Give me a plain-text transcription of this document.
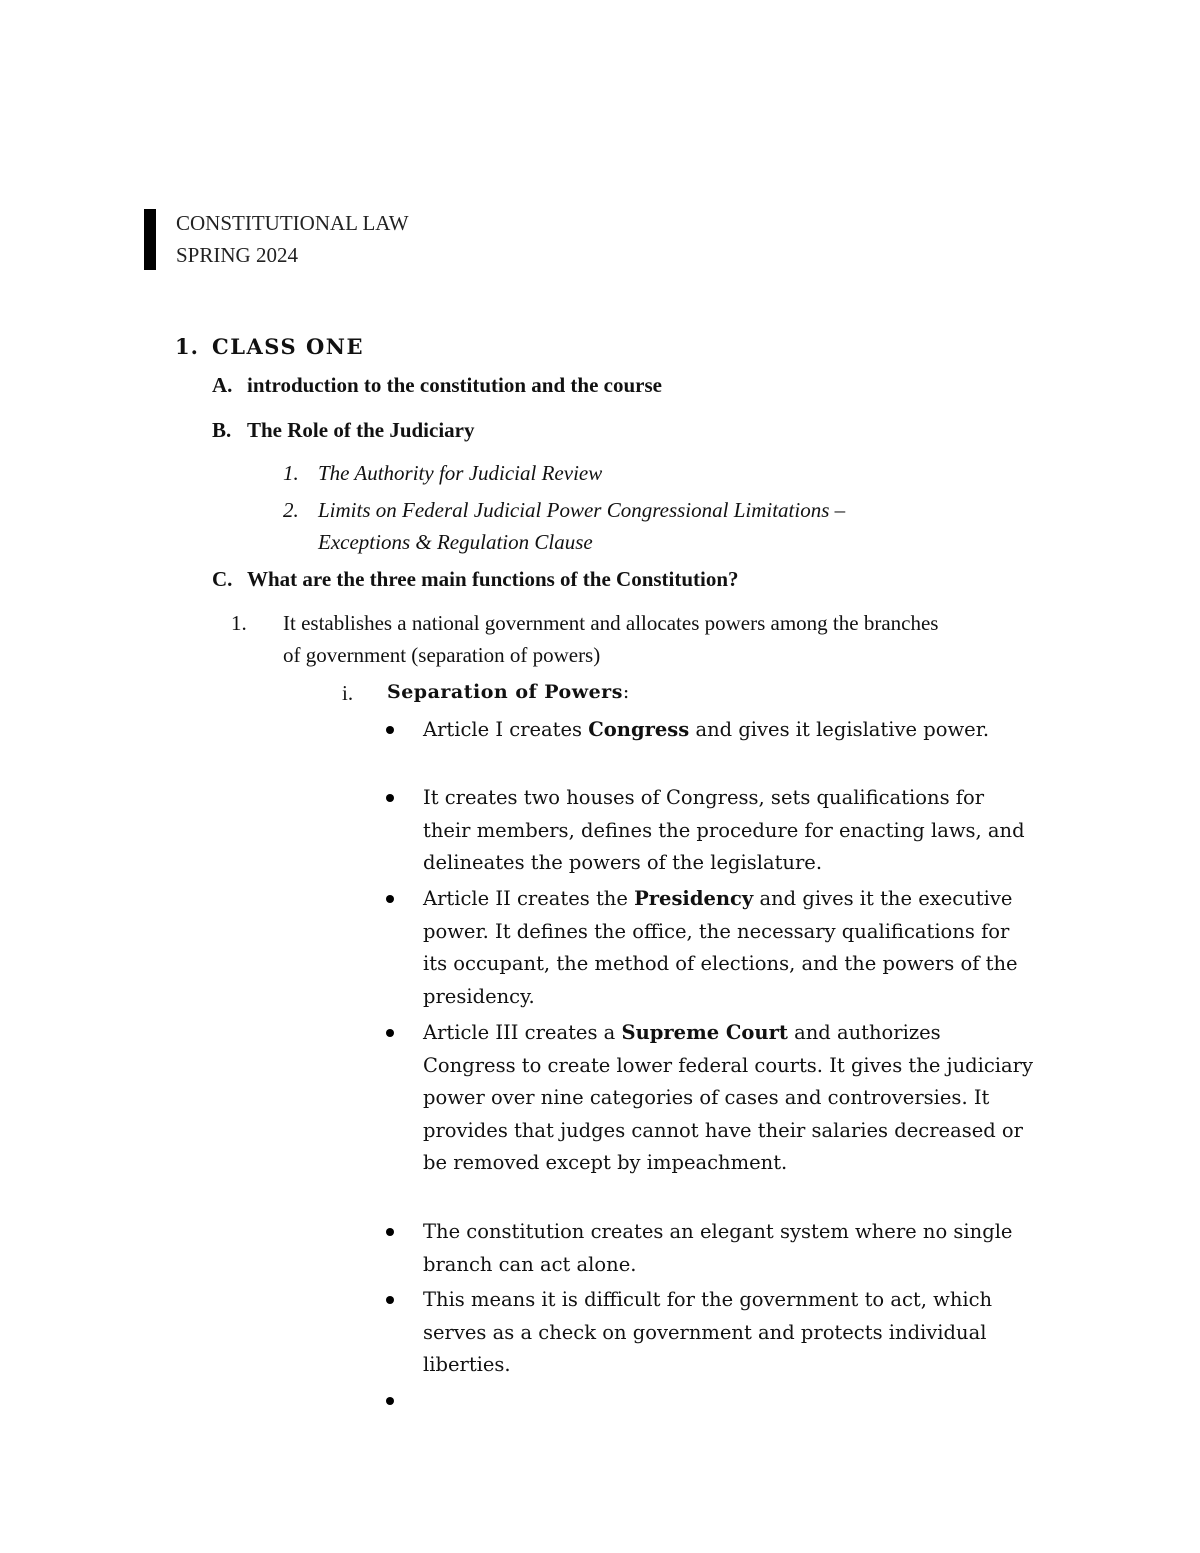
CONSTITUTIONAL LAW
SPRING 2024
1. CLASS ONE
A. introduction to the constitution and the course
B. The Role of the Judiciary
1. The Authority for Judicial Review
2. Limits on Federal Judicial Power Congressional Limitations –
Exceptions & Regulation Clause
C. What are the three main functions of the Constitution?
1. It establishes a national government and allocates powers among the branches
of government (separation of powers)
i. Separation of Powers:
Article I creates Congress and gives it legislative power.
It creates two houses of Congress, sets qualifications for their members, defines the procedure for enacting laws, and delineates the powers of the legislature.
Article II creates the Presidency and gives it the executive power. It defines the office, the necessary qualifications for its occupant, the method of elections, and the powers of the presidency.
Article III creates a Supreme Court and authorizes Congress to create lower federal courts. It gives the judiciary power over nine categories of cases and controversies. It provides that judges cannot have their salaries decreased or be removed except by impeachment.
The constitution creates an elegant system where no single branch can act alone.
This means it is difficult for the government to act, which serves as a check on government and protects individual liberties.
